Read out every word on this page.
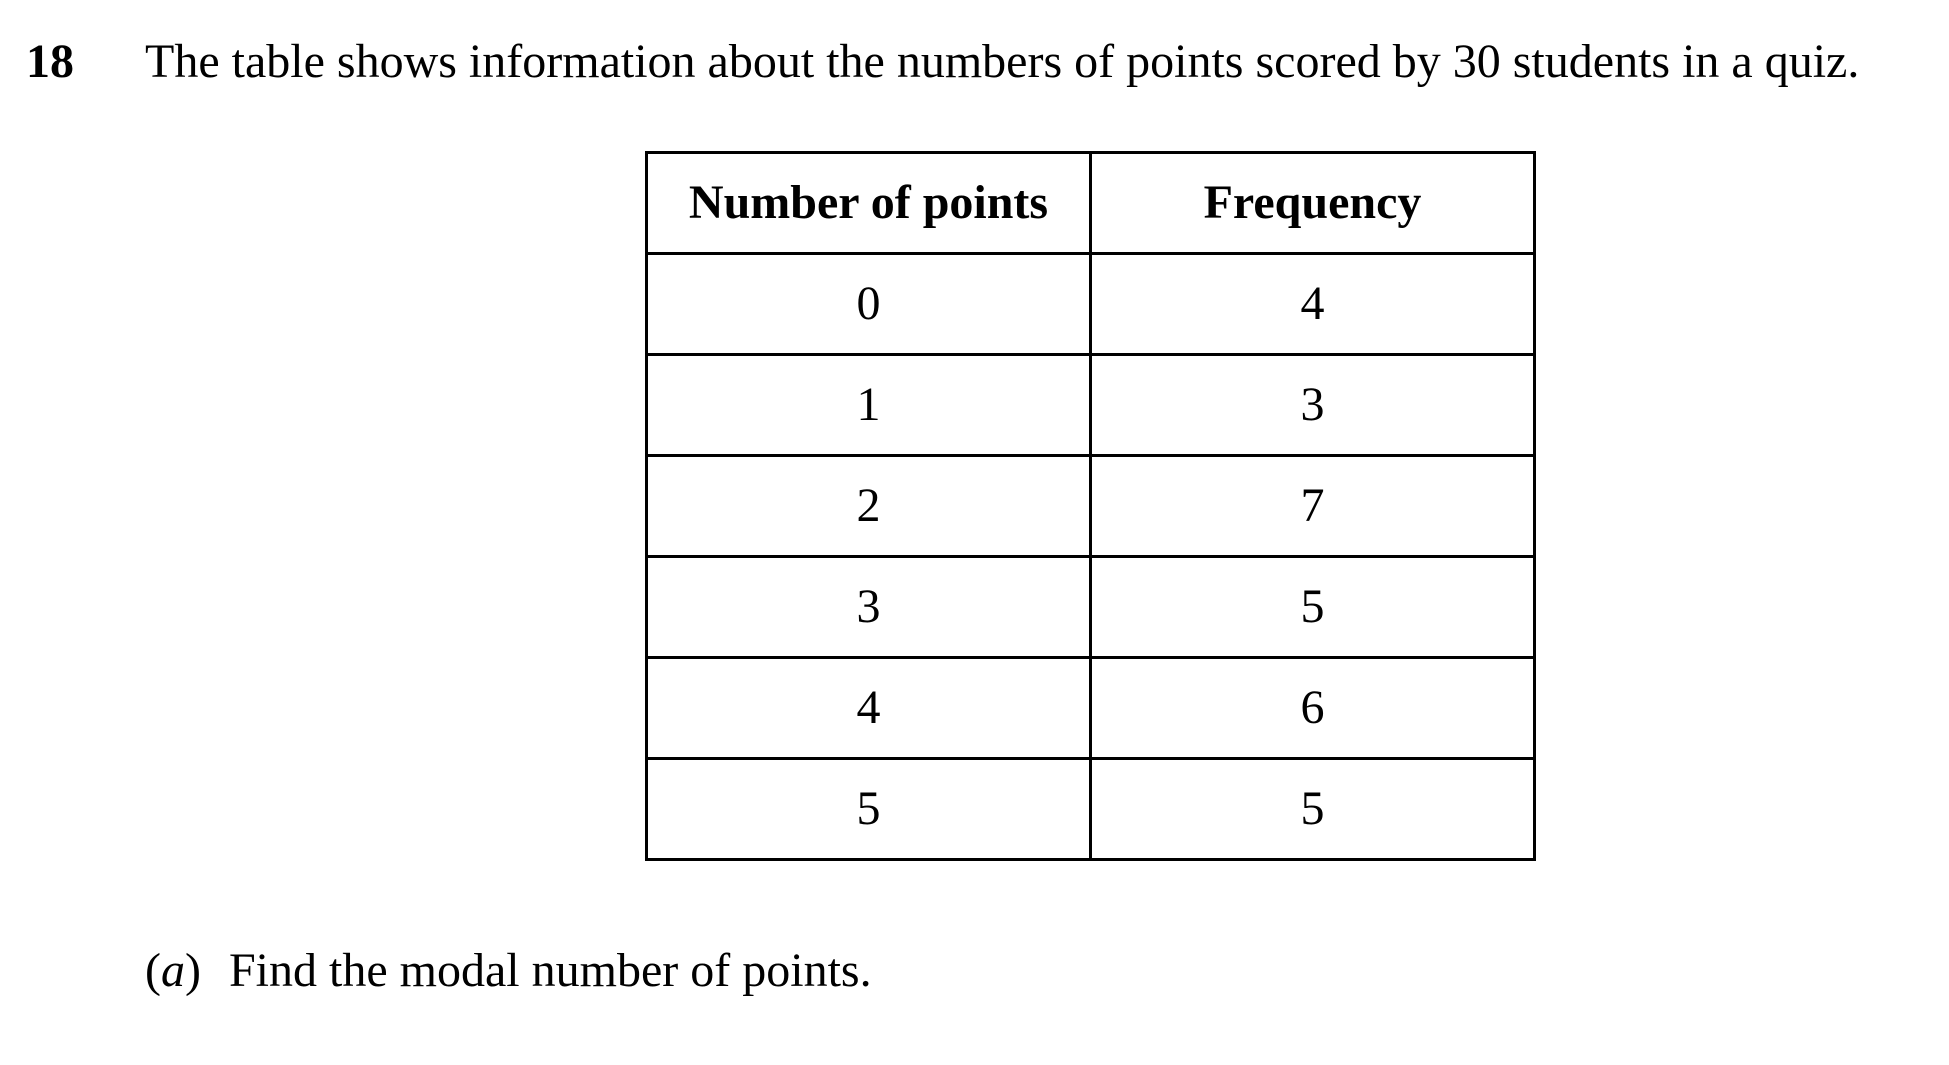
18 The table shows information about the numbers of points scored by 30 students in a quiz.
Number of points	Frequency
0	4
1	3
2	7
3	5
4	6
5	5
(a) Find the modal number of points.
